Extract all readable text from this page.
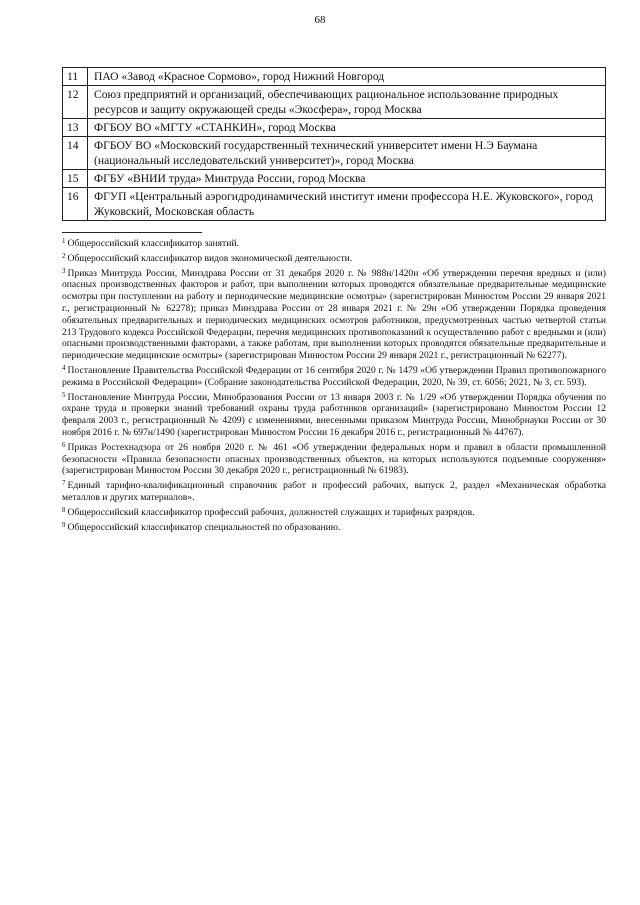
68
11	ПАО «Завод «Красное Сормово», город Нижний Новгород
12	Союз предприятий и организаций, обеспечивающих рациональное использование природных ресурсов и защиту окружающей среды «Экосфера», город Москва
13	ФГБОУ ВО «МГТУ «СТАНКИН», город Москва
14	ФГБОУ ВО «Московский государственный технический университет имени Н.Э Баумана (национальный исследовательский университет)», город Москва
15	ФГБУ «ВНИИ труда» Минтруда России, город Москва
16	ФГУП «Центральный аэрогидродинамический институт имени профессора Н.Е. Жуковского», город Жуковский, Московская область

$^1$ Общероссийский классификатор занятий.

$^2$ Общероссийский классификатор видов экономической деятельности.

$^3$ Приказ Минтруда России, Минздрава России от 31 декабря 2020 г. № 988н/1420н «Об утверждении перечня вредных и (или) опасных производственных факторов и работ, при выполнении которых проводятся обязательные предварительные медицинские осмотры при поступлении на работу и периодические медицинские осмотры» (зарегистрирован Минюстом России 29 января 2021 г., регистрационный № 62278); приказ Минздрава России от 28 января 2021 г. № 29н «Об утверждении Порядка проведения обязательных предварительных и периодических медицинских осмотров работников, предусмотренных частью четвертой статьи 213 Трудового кодекса Российской Федерации, перечня медицинских противопоказаний к осуществлению работ с вредными и (или) опасными производственными факторами, а также работам, при выполнении которых проводятся обязательные предварительные и периодические медицинские осмотры» (зарегистрирован Минюстом России 29 января 2021 г., регистрационный № 62277).

$^4$ Постановление Правительства Российской Федерации от 16 сентября 2020 г. № 1479 «Об утверждении Правил противопожарного режима в Российской Федерации» (Собрание законодательства Российской Федерации, 2020, № 39, ст. 6056; 2021, № 3, ст. 593).

$^5$ Постановление Минтруда России, Минобразования России от 13 января 2003 г. № 1/29 «Об утверждении Порядка обучения по охране труда и проверки знаний требований охраны труда работников организаций» (зарегистрировано Минюстом России 12 февраля 2003 г., регистрационный № 4209) с изменениями, внесенными приказом Минтруда России, Минобрнауки России от 30 ноября 2016 г. № 697н/1490 (зарегистрирован Минюстом России 16 декабря 2016 г., регистрационный № 44767).

$^6$ Приказ Ростехнадзора от 26 ноября 2020 г. № 461 «Об утверждении федеральных норм и правил в области промышленной безопасности «Правила безопасности опасных производственных объектов, на которых используются подъемные сооружения» (зарегистрирован Минюстом России 30 декабря 2020 г., регистрационный № 61983).

$^7$ Единый тарифно-квалификационный справочник работ и профессий рабочих, выпуск 2, раздел «Механическая обработка металлов и других материалов».

$^8$ Общероссийский классификатор профессий рабочих, должностей служащих и тарифных разрядов.

$^9$ Общероссийский классификатор специальностей по образованию.
